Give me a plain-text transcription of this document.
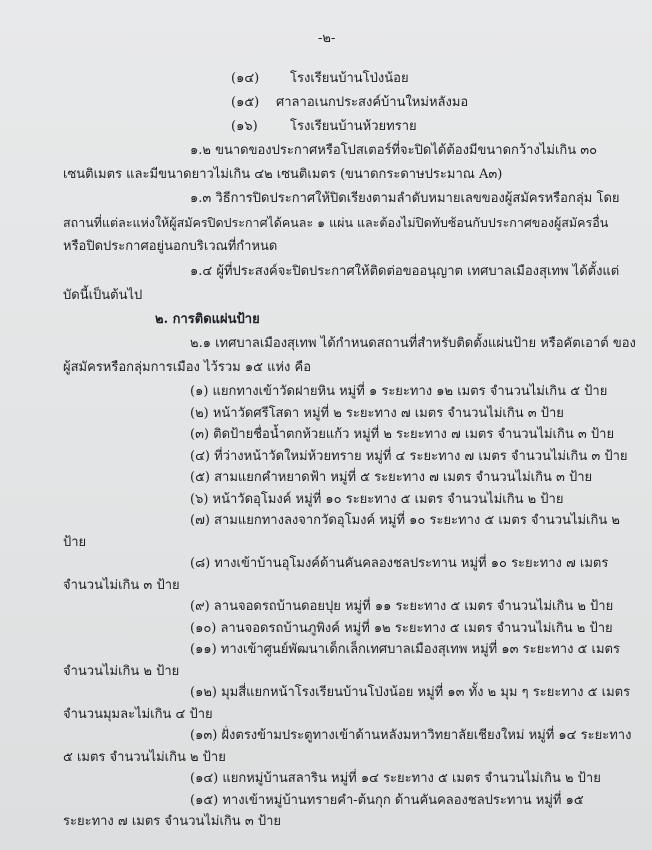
-๒-
(๑๔) โรงเรียนบ้านโป่งน้อย
(๑๕) ศาลาอเนกประสงค์บ้านใหม่หลังมอ
(๑๖) โรงเรียนบ้านห้วยทราย
๑.๒ ขนาดของประกาศหรือโปสเตอร์ที่จะปิดได้ต้องมีขนาดกว้างไม่เกิน ๓๐
เซนติเมตร และมีขนาดยาวไม่เกิน ๔๒ เซนติเมตร (ขนาดกระดาษประมาณ A๓)
๑.๓ วิธีการปิดประกาศให้ปิดเรียงตามลำดับหมายเลขของผู้สมัครหรือกลุ่ม โดย
สถานที่แต่ละแห่งให้ผู้สมัครปิดประกาศได้คนละ ๑ แผ่น และต้องไม่ปิดทับซ้อนกับประกาศของผู้สมัครอื่น
หรือปิดประกาศอยู่นอกบริเวณที่กำหนด
๑.๔ ผู้ที่ประสงค์จะปิดประกาศให้ติดต่อขออนุญาต เทศบาลเมืองสุเทพ ได้ตั้งแต่
บัดนี้เป็นต้นไป
๒. การติดแผ่นป้าย
๒.๑ เทศบาลเมืองสุเทพ ได้กำหนดสถานที่สำหรับติดตั้งแผ่นป้าย หรือคัตเอาต์ ของ
ผู้สมัครหรือกลุ่มการเมือง ไว้รวม ๑๕ แห่ง คือ
(๑) แยกทางเข้าวัดฝายหิน หมู่ที่ ๑ ระยะทาง ๑๒ เมตร จำนวนไม่เกิน ๕ ป้าย
(๒) หน้าวัดศรีโสดา หมู่ที่ ๒ ระยะทาง ๗ เมตร จำนวนไม่เกิน ๓ ป้าย
(๓) ติดป้ายชื่อน้ำตกห้วยแก้ว หมู่ที่ ๒ ระยะทาง ๗ เมตร จำนวนไม่เกิน ๓ ป้าย
(๔) ที่ว่างหน้าวัดใหม่ห้วยทราย หมู่ที่ ๔ ระยะทาง ๗ เมตร จำนวนไม่เกิน ๓ ป้าย
(๕) สามแยกคำหยาดฟ้า หมู่ที่ ๕ ระยะทาง ๗ เมตร จำนวนไม่เกิน ๓ ป้าย
(๖) หน้าวัดอุโมงค์ หมู่ที่ ๑๐ ระยะทาง ๕ เมตร จำนวนไม่เกิน ๒ ป้าย
(๗) สามแยกทางลงจากวัดอุโมงค์ หมู่ที่ ๑๐ ระยะทาง ๕ เมตร จำนวนไม่เกิน ๒
ป้าย
(๘) ทางเข้าบ้านอุโมงค์ด้านคันคลองชลประทาน หมู่ที่ ๑๐ ระยะทาง ๗ เมตร
จำนวนไม่เกิน ๓ ป้าย
(๙) ลานจอดรถบ้านดอยปุย หมู่ที่ ๑๑ ระยะทาง ๕ เมตร จำนวนไม่เกิน ๒ ป้าย
(๑๐) ลานจอดรถบ้านภูพิงค์ หมู่ที่ ๑๒ ระยะทาง ๕ เมตร จำนวนไม่เกิน ๒ ป้าย
(๑๑) ทางเข้าศูนย์พัฒนาเด็กเล็กเทศบาลเมืองสุเทพ หมู่ที่ ๑๓ ระยะทาง ๕ เมตร
จำนวนไม่เกิน ๒ ป้าย
(๑๒) มุมสี่แยกหน้าโรงเรียนบ้านโป่งน้อย หมู่ที่ ๑๓ ทั้ง ๒ มุม ๆ ระยะทาง ๕ เมตร
จำนวนมุมละไม่เกิน ๔ ป้าย
(๑๓) ฝั่งตรงข้ามประตูทางเข้าด้านหลังมหาวิทยาลัยเชียงใหม่ หมู่ที่ ๑๔ ระยะทาง
๕ เมตร จำนวนไม่เกิน ๒ ป้าย
(๑๔) แยกหมู่บ้านสลาริน หมู่ที่ ๑๔ ระยะทาง ๕ เมตร จำนวนไม่เกิน ๒ ป้าย
(๑๕) ทางเข้าหมู่บ้านทรายคำ-ต้นกุก ด้านคันคลองชลประทาน หมู่ที่ ๑๕
ระยะทาง ๗ เมตร จำนวนไม่เกิน ๓ ป้าย
